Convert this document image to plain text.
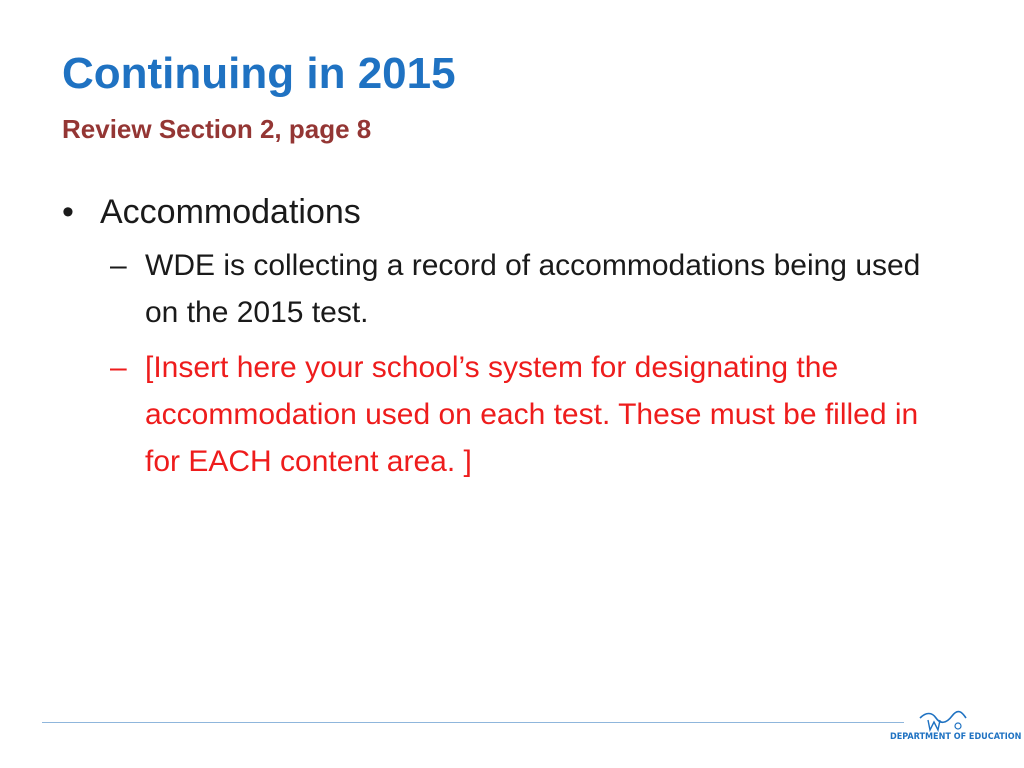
Continuing in 2015
Review Section 2, page 8
• Accommodations
– WDE is collecting a record of accommodations being used on the 2015 test.
– [Insert here your school’s system for designating the accommodation used on each test. These must be filled in for EACH content area. ]
DEPARTMENT OF EDUCATION
